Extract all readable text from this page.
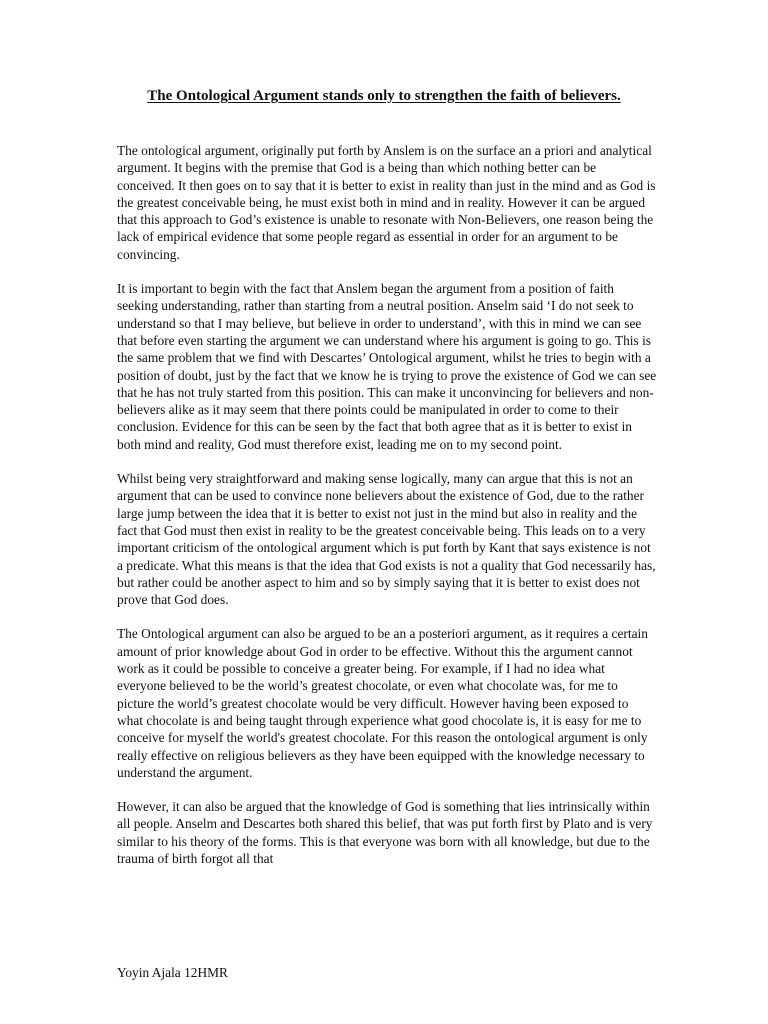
The Ontological Argument stands only to strengthen the faith of believers.

The ontological argument, originally put forth by Anslem is on the surface an a priori and analytical argument. It begins with the premise that God is a being than which nothing better can be conceived. It then goes on to say that it is better to exist in reality than just in the mind and as God is the greatest conceivable being, he must exist both in mind and in reality. However it can be argued that this approach to God’s existence is unable to resonate with Non-Believers, one reason being the lack of empirical evidence that some people regard as essential in order for an argument to be convincing.

It is important to begin with the fact that Anslem began the argument from a position of faith seeking understanding, rather than starting from a neutral position. Anselm said ‘I do not seek to understand so that I may believe, but believe in order to understand’, with this in mind we can see that before even starting the argument we can understand where his argument is going to go. This is the same problem that we find with Descartes’ Ontological argument, whilst he tries to begin with a position of doubt, just by the fact that we know he is trying to prove the existence of God we can see that he has not truly started from this position. This can make it unconvincing for believers and non-believers alike as it may seem that there points could be manipulated in order to come to their conclusion. Evidence for this can be seen by the fact that both agree that as it is better to exist in both mind and reality, God must therefore exist, leading me on to my second point.

Whilst being very straightforward and making sense logically, many can argue that this is not an argument that can be used to convince none believers about the existence of God, due to the rather large jump between the idea that it is better to exist not just in the mind but also in reality and the fact that God must then exist in reality to be the greatest conceivable being. This leads on to a very important criticism of the ontological argument which is put forth by Kant that says existence is not a predicate. What this means is that the idea that God exists is not a quality that God necessarily has, but rather could be another aspect to him and so by simply saying that it is better to exist does not prove that God does.

The Ontological argument can also be argued to be an a posteriori argument, as it requires a certain amount of prior knowledge about God in order to be effective. Without this the argument cannot work as it could be possible to conceive a greater being. For example, if I had no idea what everyone believed to be the world’s greatest chocolate, or even what chocolate was, for me to picture the world’s greatest chocolate would be very difficult. However having been exposed to what chocolate is and being taught through experience what good chocolate is, it is easy for me to conceive for myself the world's greatest chocolate. For this reason the ontological argument is only really effective on religious believers as they have been equipped with the knowledge necessary to understand the argument.

However, it can also be argued that the knowledge of God is something that lies intrinsically within all people. Anselm and Descartes both shared this belief, that was put forth first by Plato and is very similar to his theory of the forms. This is that everyone was born with all knowledge, but due to the trauma of birth forgot all that

Yoyin Ajala 12HMR
